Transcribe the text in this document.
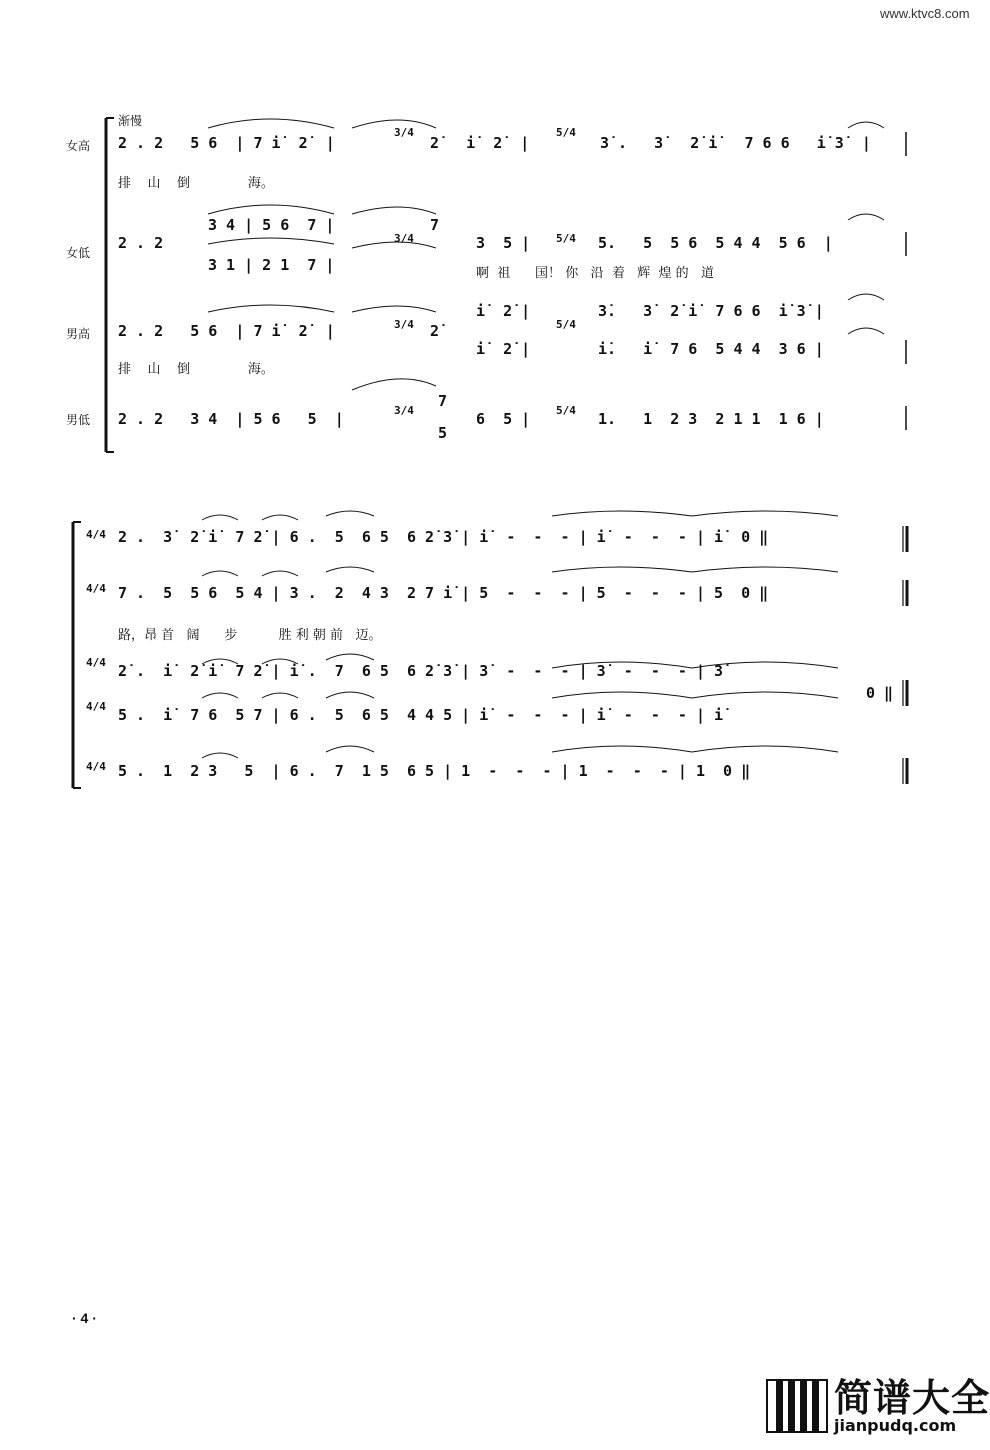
www.ktvc8.com
渐慢
女高 2 . 2   5 6  | 7 i̇  2̇  |
3/4
2̇   i̇  2̇  |
5/4
3̇ .   3̇   2̇ i̇   7 6 6   i̇ 3̇  |
排    山    倒              海。
女低
2 . 2
3 4 | 5 6  7 |
3 1 | 2 1  7 |
3/4
7
3  5 | 5/4 5.   5  5 6  5 4 4  5 6  |
啊  祖      国！ 你   沿  着   辉  煌 的   道
男高 2 . 2   5 6  | 7 i̇  2̇  |	3/4 2̇
i̇  2̇ |
i̇  2̇ |
5/4
3̇.   3̇  2̇ i̇  7 6 6  i̇ 3̇ |
i̇.   i̇  7 6  5 4 4  3 6 |
排    山    倒              海。
男低 2 . 2   3 4  | 5 6   5  |	3/4
7
5
6  5 | 5/4 1.   1  2 3  2 1 1  1 6 |
4/4 2 .  3̇  2̇ i̇  7 2̇ | 6 .  5  6 5  6 2̇ 3̇ | i̇  -  -  - | i̇  -  -  - | i̇  0 ‖
4/4 7 .  5  5 6  5 4 | 3 .  2  4 3  2 7 i̇ | 5  -  -  - | 5  -  -  - | 5  0 ‖
路，昂 首   阔      步          胜 利 朝 前   迈。
4/4 2̇ .  i̇  2̇ i̇  7 2̇ | i̇ .  7  6 5  6 2̇ 3̇ | 3̇  -  -  - | 3̇  -  -  - | 3̇
4/4 5 .  i̇  7 6  5 7 | 6 .  5  6 5  4 4 5 | i̇  -  -  - | i̇  -  -  - | i̇
0 ‖
4/4 5 .  1  2 3   5  | 6 .  7  1 5  6 5 | 1  -  -  - | 1  -  -  - | 1  0 ‖
· 4 ·
简谱大全
jianpudq.com
